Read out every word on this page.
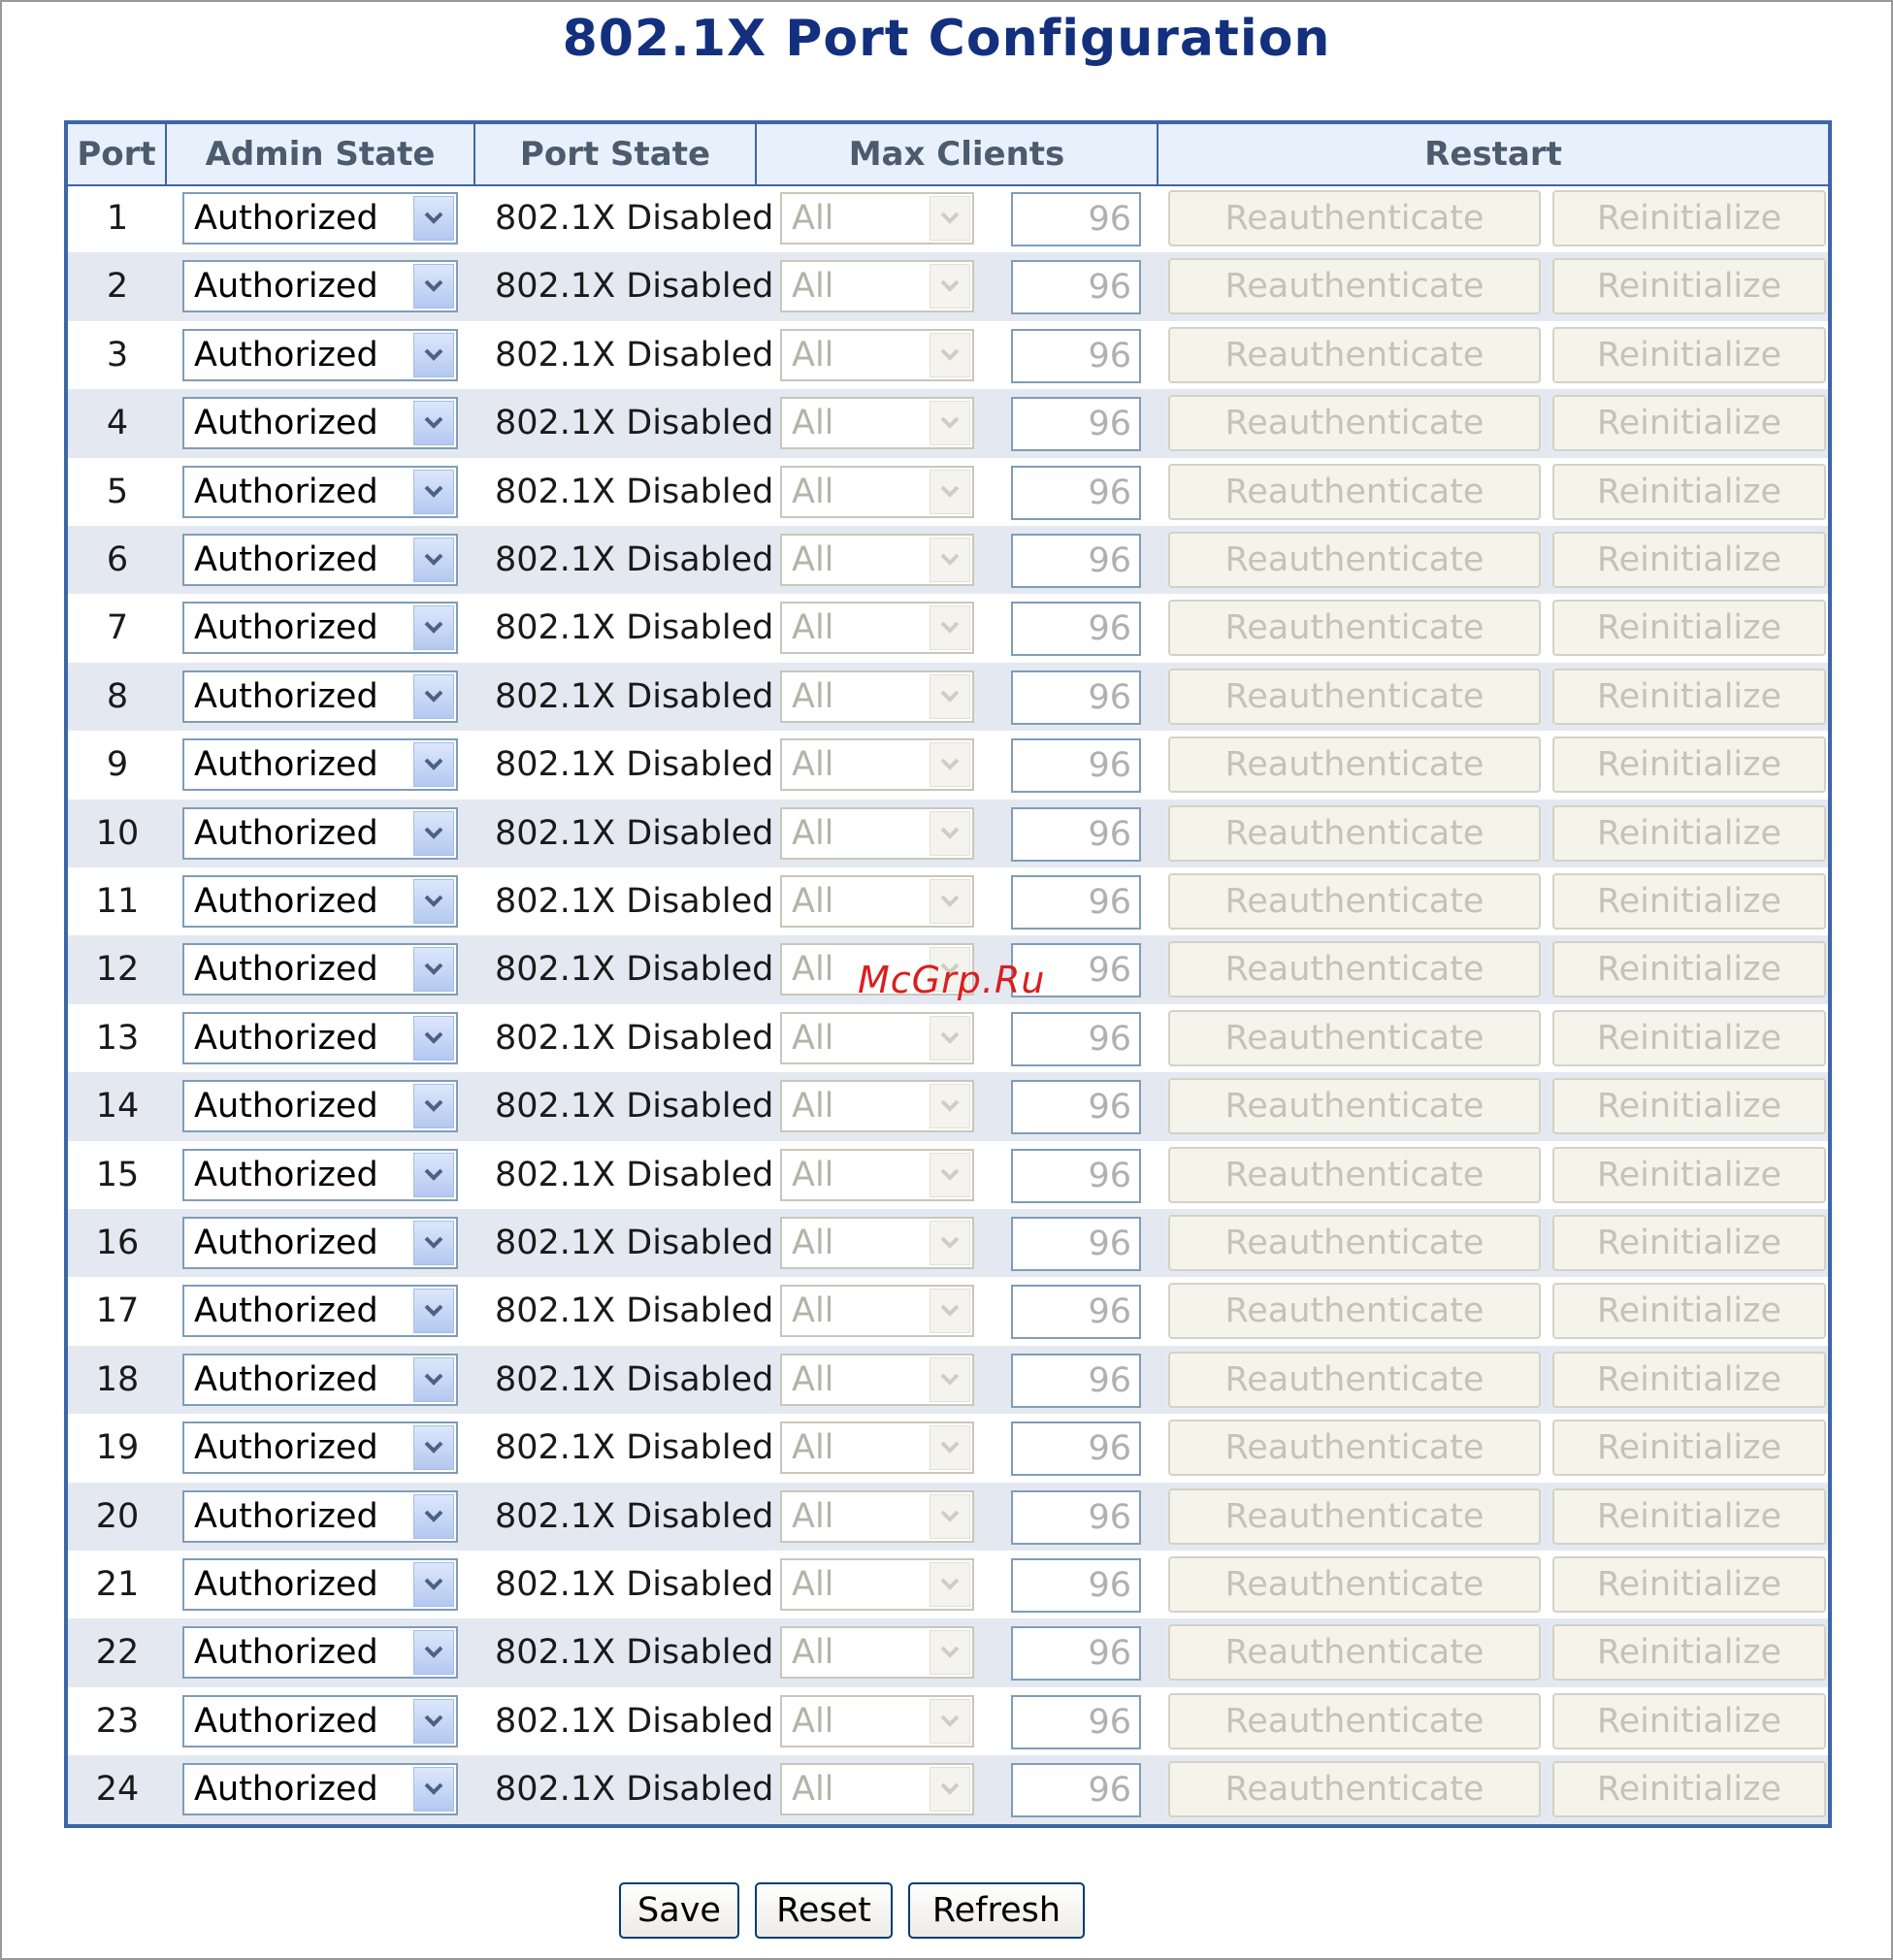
802.1X Port Configuration
Port	Admin State	Port State	Max Clients	Restart
1	Authorized	802.1X Disabled All	96	Reauthenticate	Reinitialize
2	Authorized	802.1X Disabled All	96	Reauthenticate	Reinitialize
3	Authorized	802.1X Disabled All	96	Reauthenticate	Reinitialize
4	Authorized	802.1X Disabled All	96	Reauthenticate	Reinitialize
5	Authorized	802.1X Disabled All	96	Reauthenticate	Reinitialize
6	Authorized	802.1X Disabled All	96	Reauthenticate	Reinitialize
7	Authorized	802.1X Disabled All	96	Reauthenticate	Reinitialize
8	Authorized	802.1X Disabled All	96	Reauthenticate	Reinitialize
9	Authorized	802.1X Disabled All	96	Reauthenticate	Reinitialize
10	Authorized	802.1X Disabled All	96	Reauthenticate	Reinitialize
11	Authorized	802.1X Disabled All	96	Reauthenticate	Reinitialize
12	Authorized	802.1X Disabled All	96	Reauthenticate	Reinitialize
13	Authorized	802.1X Disabled All	96	Reauthenticate	Reinitialize
14	Authorized	802.1X Disabled All	96	Reauthenticate	Reinitialize
15	Authorized	802.1X Disabled All	96	Reauthenticate	Reinitialize
16	Authorized	802.1X Disabled All	96	Reauthenticate	Reinitialize
17	Authorized	802.1X Disabled All	96	Reauthenticate	Reinitialize
18	Authorized	802.1X Disabled All	96	Reauthenticate	Reinitialize
19	Authorized	802.1X Disabled All	96	Reauthenticate	Reinitialize
20	Authorized	802.1X Disabled All	96	Reauthenticate	Reinitialize
21	Authorized	802.1X Disabled All	96	Reauthenticate	Reinitialize
22	Authorized	802.1X Disabled All	96	Reauthenticate	Reinitialize
23	Authorized	802.1X Disabled All	96	Reauthenticate	Reinitialize
24	Authorized	802.1X Disabled All	96	Reauthenticate	Reinitialize
McGrp.Ru
Save	Reset	Refresh
